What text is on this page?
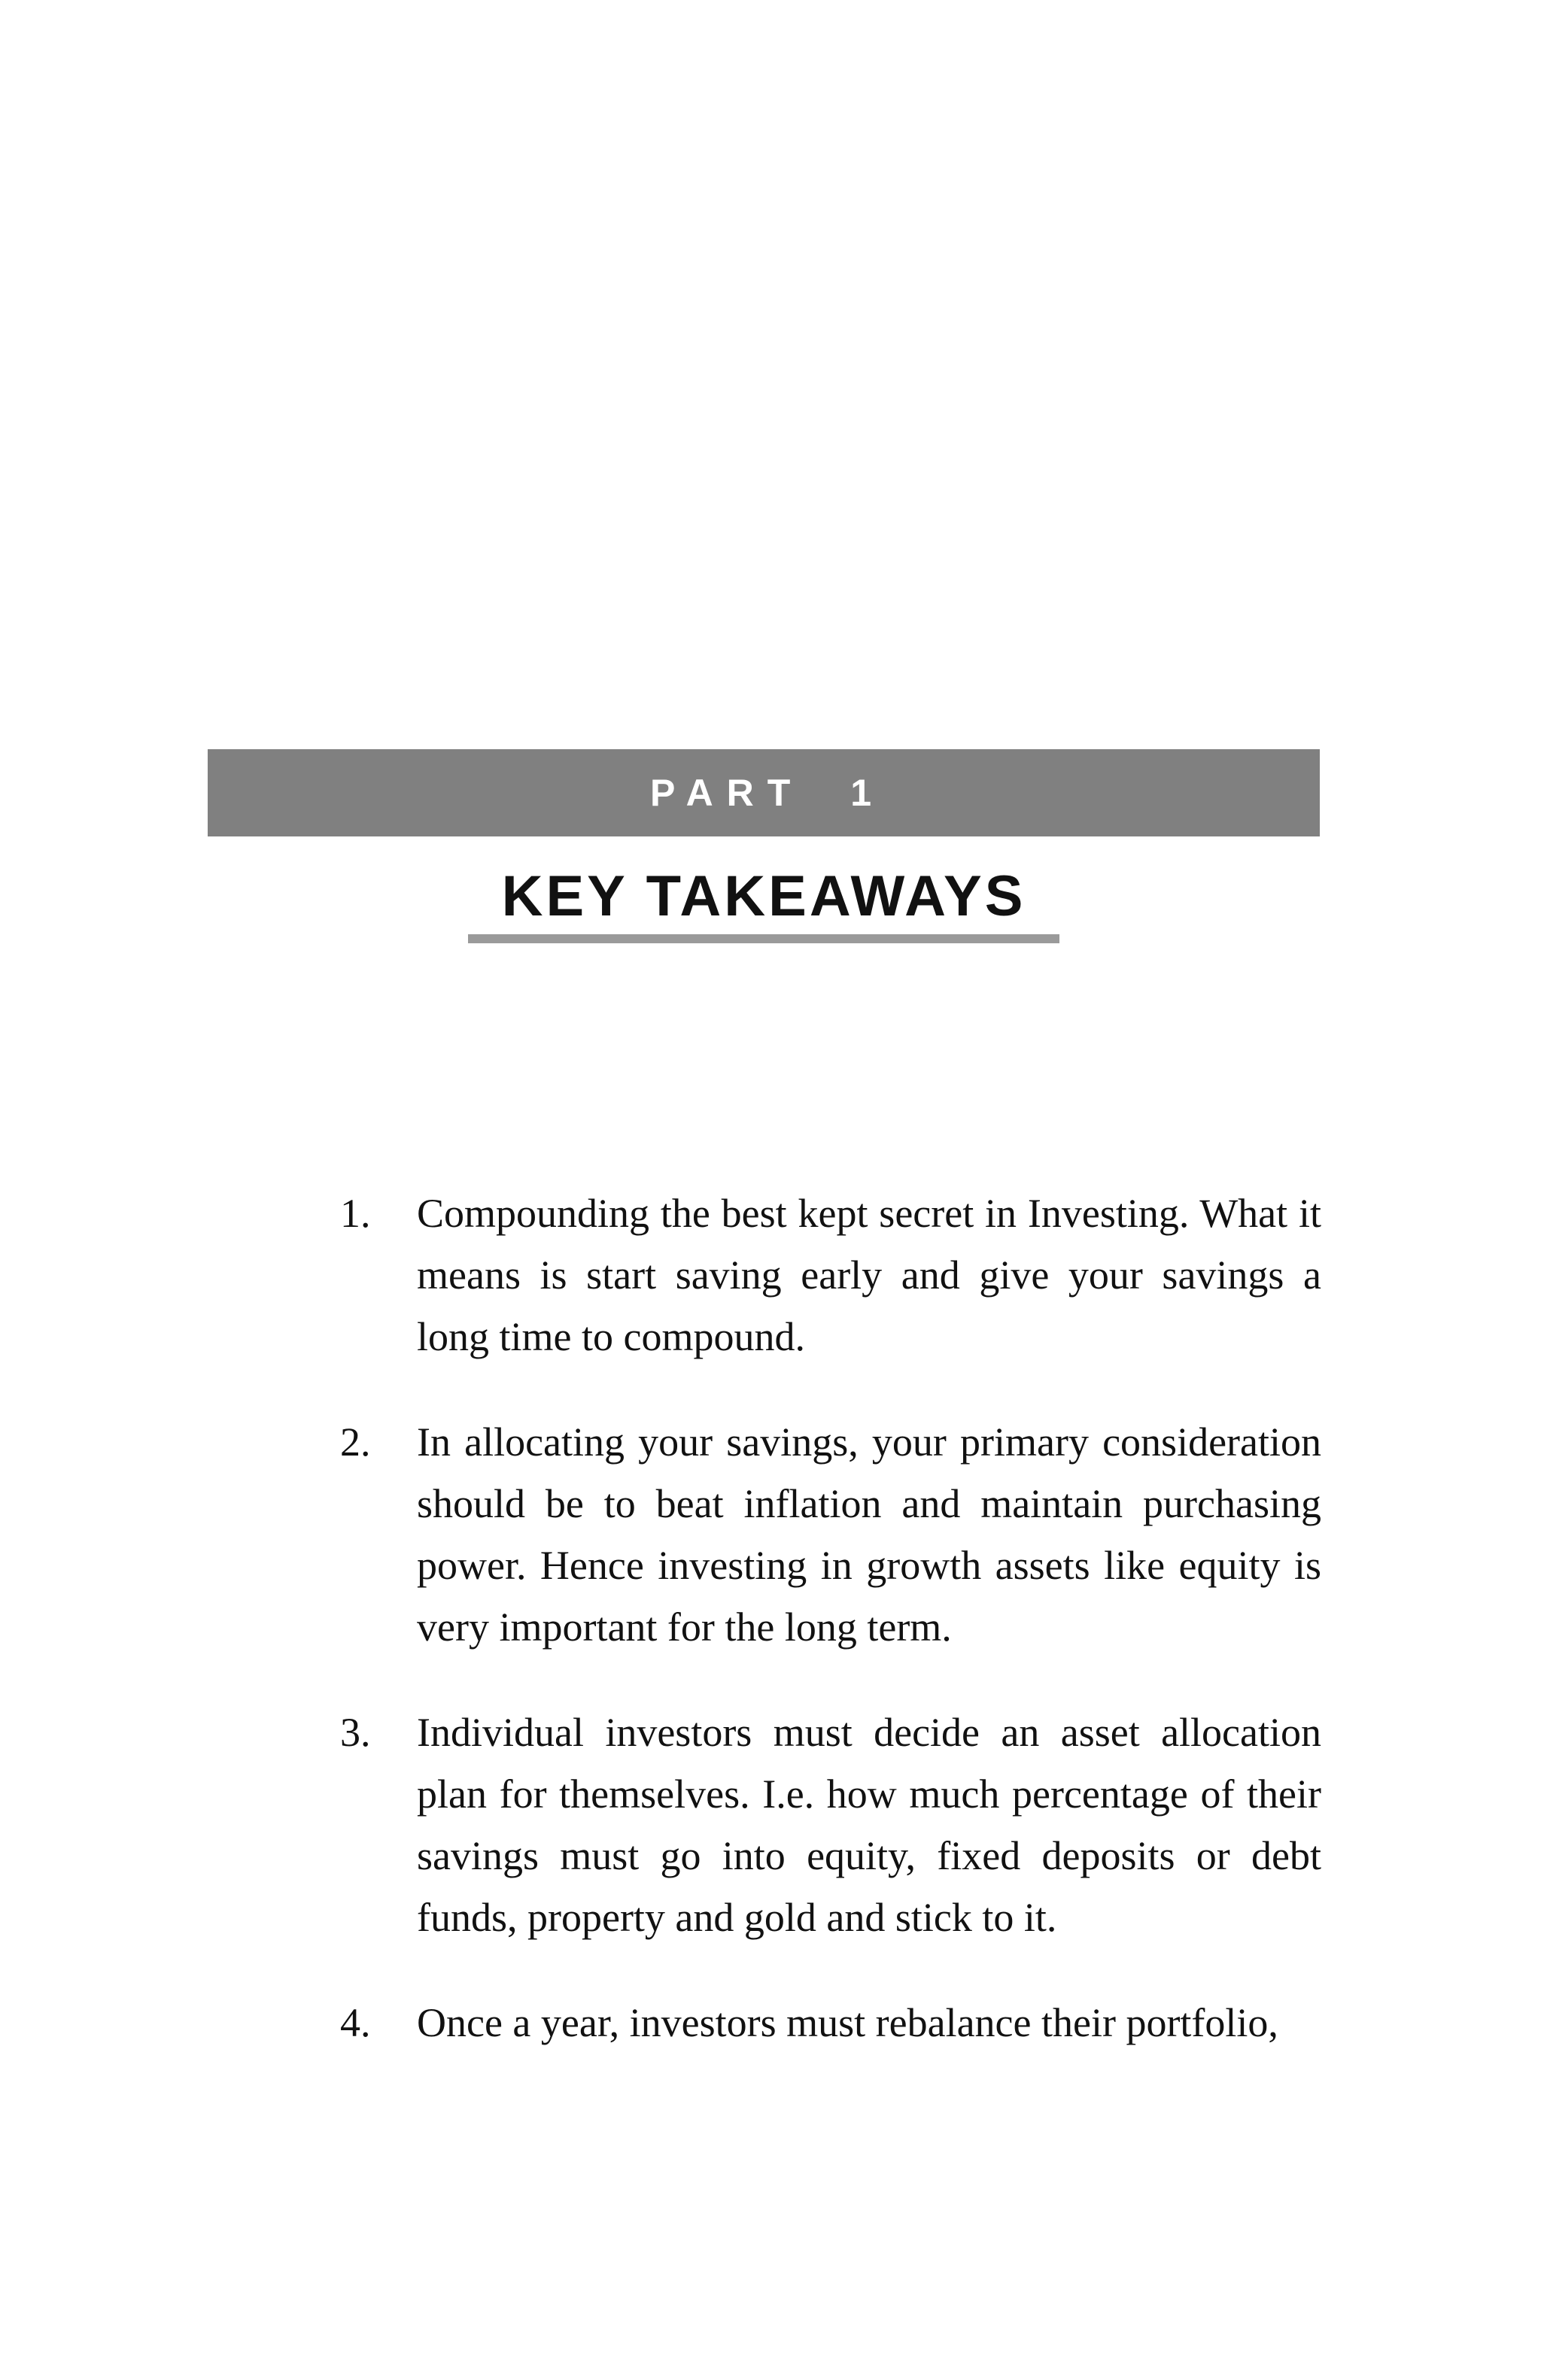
PART 1
KEY TAKEAWAYS
1.	Compounding the best kept secret in Investing. What it means is start saving early and give your savings a long time to compound.

2.	In allocating your savings, your primary consideration should be to beat inflation and maintain purchasing power. Hence investing in growth assets like equity is very important for the long term.

3.	Individual investors must decide an asset allocation plan for themselves. I.e. how much percentage of their savings must go into equity, fixed deposits or debt funds, property and gold and stick to it.

4.	Once a year, investors must rebalance their portfolio,
